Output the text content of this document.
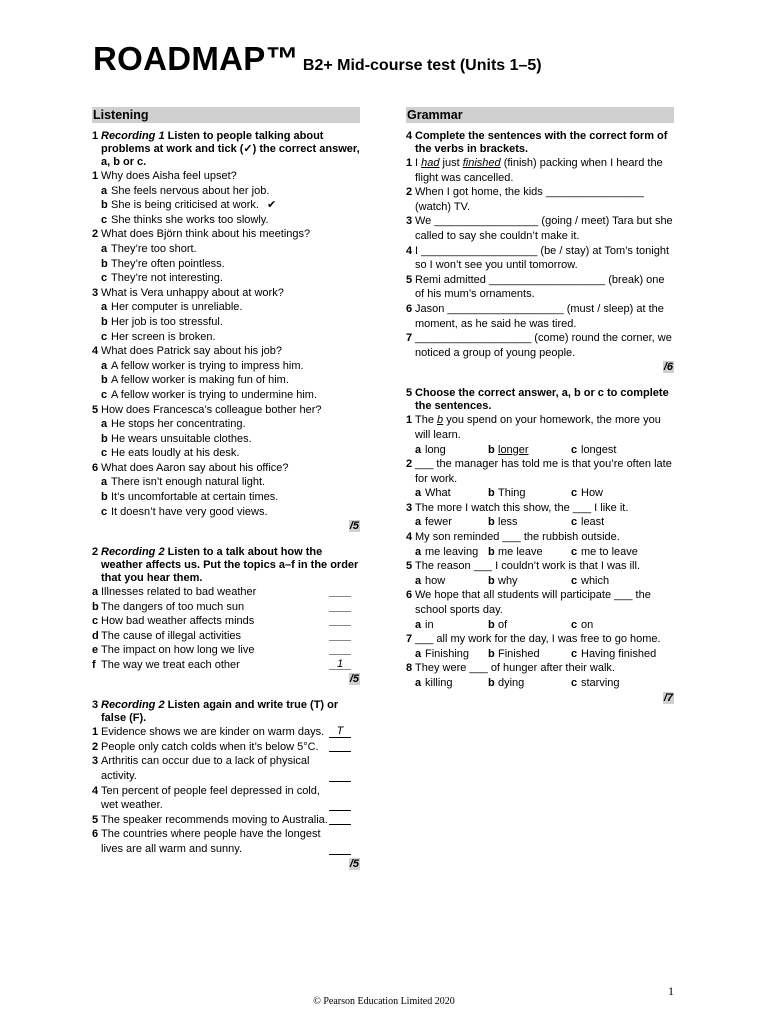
ROADMAP™ B2+ Mid-course test (Units 1–5)
Listening
1 Recording 1 Listen to people talking about problems at work and tick (✓) the correct answer, a, b or c.
1 Why does Aisha feel upset?
a She feels nervous about her job.
b She is being criticised at work. ✔
c She thinks she works too slowly.
2 What does Björn think about his meetings?
a They’re too short.
b They’re often pointless.
c They’re not interesting.
3 What is Vera unhappy about at work?
a Her computer is unreliable.
b Her job is too stressful.
c Her screen is broken.
4 What does Patrick say about his job?
a A fellow worker is trying to impress him.
b A fellow worker is making fun of him.
c A fellow worker is trying to undermine him.
5 How does Francesca’s colleague bother her?
a He stops her concentrating.
b He wears unsuitable clothes.
c He eats loudly at his desk.
6 What does Aaron say about his office?
a There isn’t enough natural light.
b It’s uncomfortable at certain times.
c It doesn’t have very good views.
/5
2 Recording 2 Listen to a talk about how the weather affects us. Put the topics a–f in the order that you hear them.
a Illnesses related to bad weather
b The dangers of too much sun
c How bad weather affects minds
d The cause of illegal activities
e The impact on how long we live
f The way we treat each other	1
/5
3 Recording 2 Listen again and write true (T) or false (F).
1 Evidence shows we are kinder on warm days.	T
2 People only catch colds when it’s below 5°C.
3 Arthritis can occur due to a lack of physical activity.
4 Ten percent of people feel depressed in cold, wet weather.
5 The speaker recommends moving to Australia.
6 The countries where people have the longest lives are all warm and sunny.
/5
Grammar
4 Complete the sentences with the correct form of the verbs in brackets.
1 I had just finished (finish) packing when I heard the flight was cancelled.
2 When I got home, the kids ________________ (watch) TV.
3 We _________________ (going / meet) Tara but she called to say she couldn’t make it.
4 I ___________________ (be / stay) at Tom’s tonight so I won’t see you until tomorrow.
5 Remi admitted ___________________ (break) one of his mum’s ornaments.
6 Jason ___________________ (must / sleep) at the moment, as he said he was tired.
7 ___________________ (come) round the corner, we noticed a group of young people.
/6
5 Choose the correct answer, a, b or c to complete the sentences.
1 The b you spend on your homework, the more you will learn.
a long	b longer	c longest
2 ___ the manager has told me is that you’re often late for work.
a What	b Thing	c How
3 The more I watch this show, the ___ I like it.
a fewer	b less	c least
4 My son reminded ___ the rubbish outside.
a me leaving b me leave	c me to leave
5 The reason ___ I couldn’t work is that I was ill.
a how	b why	c which
6 We hope that all students will participate ___ the school sports day.
a in	b of	c on
7 ___ all my work for the day, I was free to go home.
a Finishing b Finished	c Having finished
8 They were ___ of hunger after their walk.
a killing	b dying	c starving
/7
1
© Pearson Education Limited 2020
